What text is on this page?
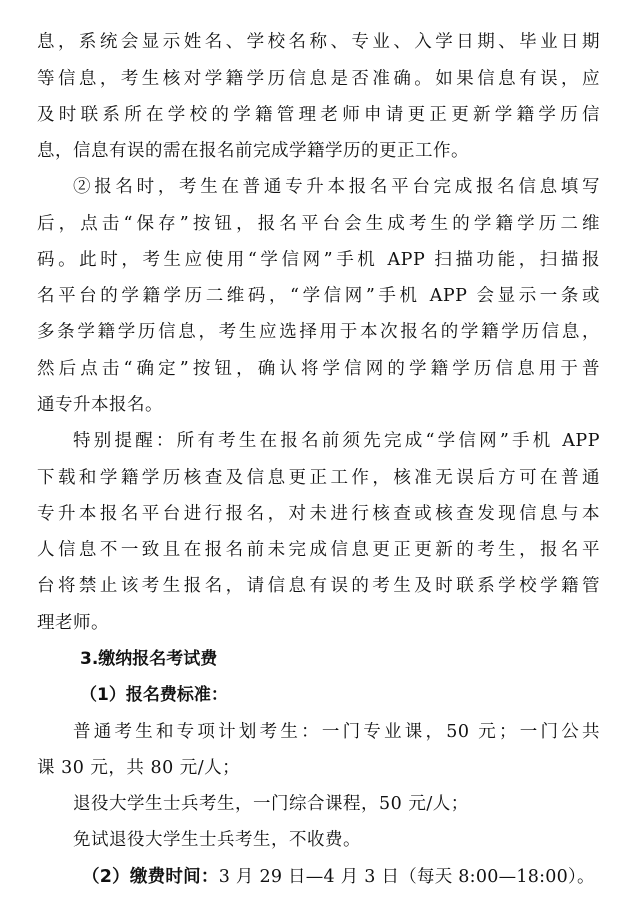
息，系统会显示姓名、学校名称、专业、入学日期、毕业日期
等信息，考生核对学籍学历信息是否准确。如果信息有误，应
及时联系所在学校的学籍管理老师申请更正更新学籍学历信
息，信息有误的需在报名前完成学籍学历的更正工作。
②报名时，考生在普通专升本报名平台完成报名信息填写
后，点击“保存”按钮，报名平台会生成考生的学籍学历二维
码。此时，考生应使用“学信网”手机 APP 扫描功能，扫描报
名平台的学籍学历二维码，“学信网”手机 APP 会显示一条或
多条学籍学历信息，考生应选择用于本次报名的学籍学历信息，
然后点击“确定”按钮，确认将学信网的学籍学历信息用于普
通专升本报名。
特别提醒：所有考生在报名前须先完成“学信网”手机 APP
下载和学籍学历核查及信息更正工作，核准无误后方可在普通
专升本报名平台进行报名，对未进行核查或核查发现信息与本
人信息不一致且在报名前未完成信息更正更新的考生，报名平
台将禁止该考生报名，请信息有误的考生及时联系学校学籍管
理老师。
3.缴纳报名考试费
（1）报名费标准：
普通考生和专项计划考生：一门专业课，50 元；一门公共
课 30 元，共 80 元/人；
退役大学生士兵考生，一门综合课程，50 元/人；
免试退役大学生士兵考生，不收费。
（2）缴费时间：3 月 29 日—4 月 3 日（每天 8:00—18:00）。
